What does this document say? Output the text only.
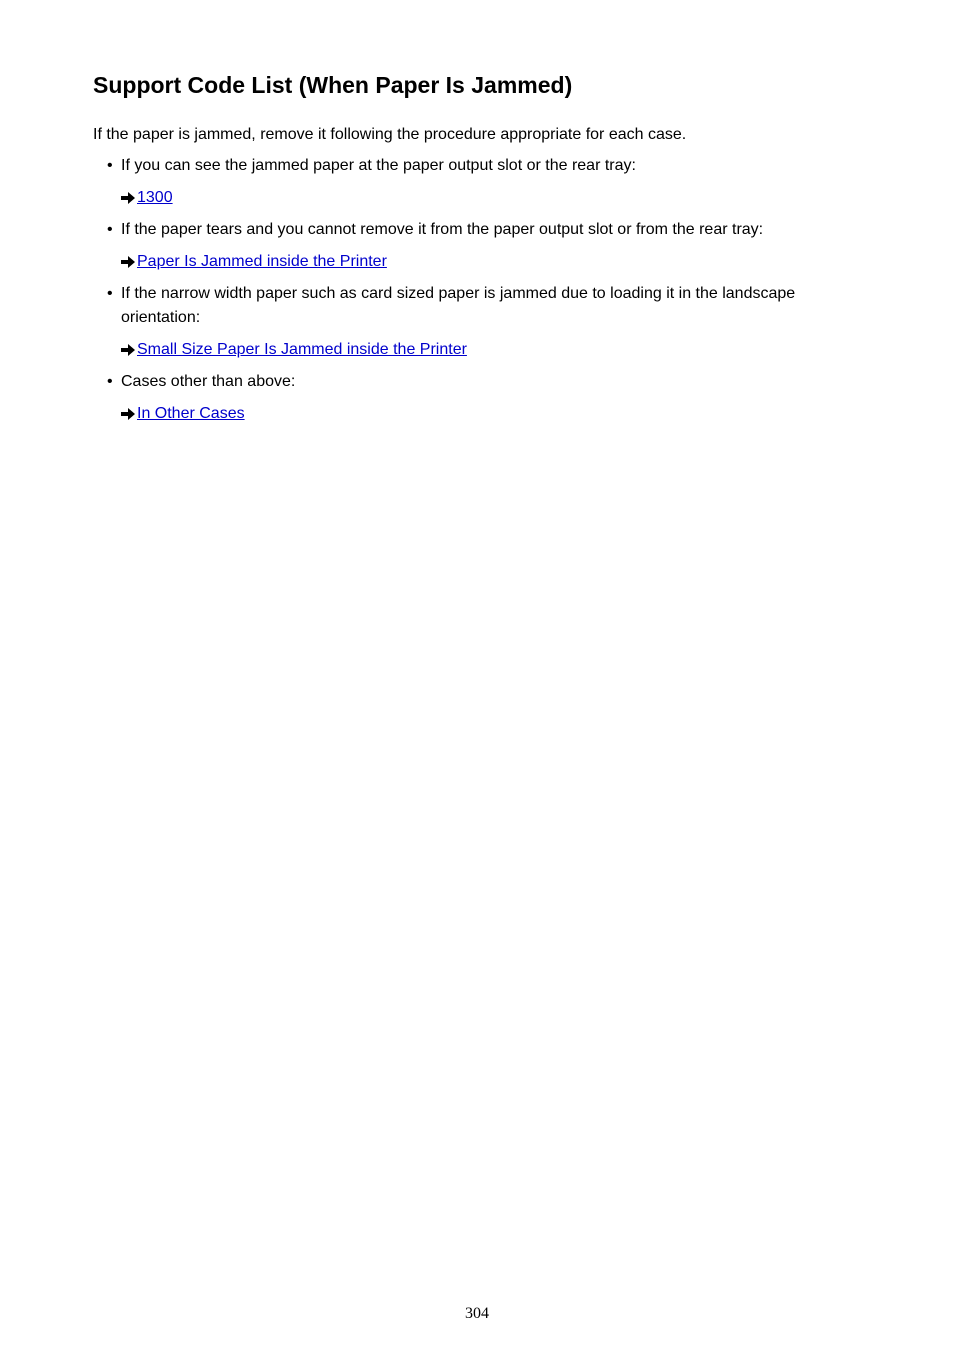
Support Code List (When Paper Is Jammed)
If the paper is jammed, remove it following the procedure appropriate for each case.
• If you can see the jammed paper at the paper output slot or the rear tray:
1300
• If the paper tears and you cannot remove it from the paper output slot or from the rear tray:
Paper Is Jammed inside the Printer
• If the narrow width paper such as card sized paper is jammed due to loading it in the landscape
orientation:
Small Size Paper Is Jammed inside the Printer
• Cases other than above:
In Other Cases
304
